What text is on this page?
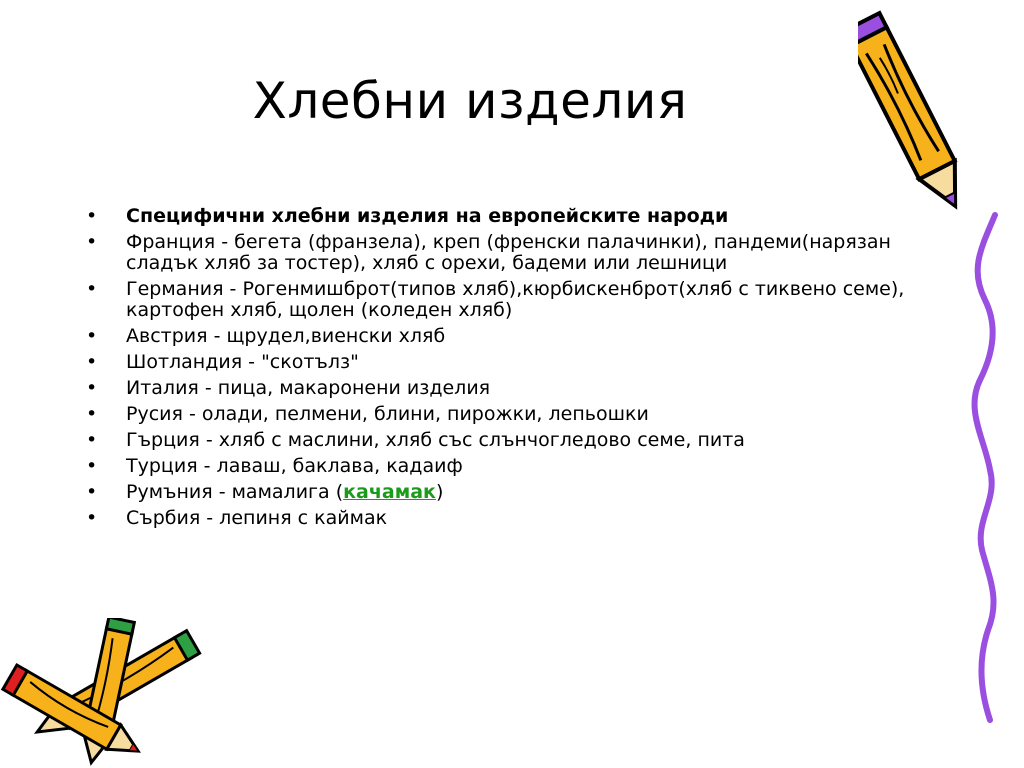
Хлебни изделия
• Специфични хлебни изделия на европейските народи
• Франция - бегета (франзела), креп (френски палачинки), пандеми(нарязан сладък хляб за тостер), хляб с орехи, бадеми или лешници
• Германия - Рогенмишброт(типов хляб),кюрбискенброт(хляб с тиквено семе), картофен хляб, щолен (коледен хляб)
• Австрия - щрудел,виенски хляб
• Шотландия - "скотълз"
• Италия - пица, макаронени изделия
• Русия - олади, пелмени, блини, пирожки, лепьошки
• Гърция - хляб с маслини, хляб със слънчогледово семе, пита
• Турция - лаваш, баклава, кадаиф
• Румъния - мамалига (качамак)
• Сърбия - лепиня с каймак
